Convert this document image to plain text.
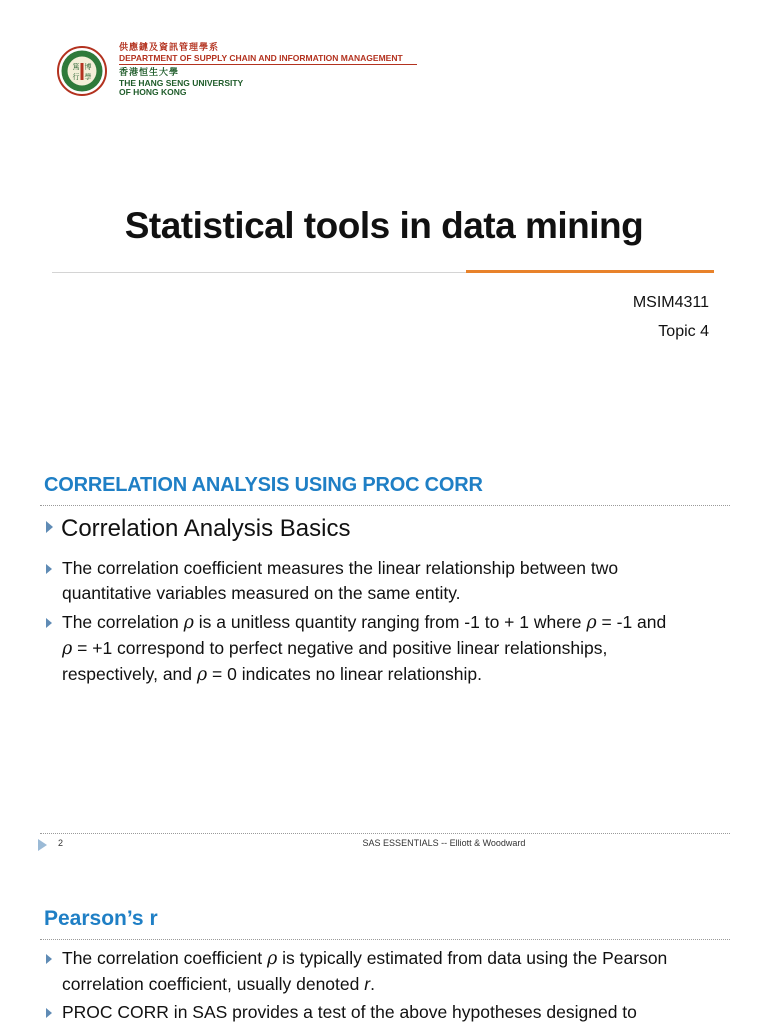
篤 博
行 學
供應鏈及資訊管理學系
DEPARTMENT OF SUPPLY CHAIN AND INFORMATION MANAGEMENT
香港恒生大學
THE HANG SENG UNIVERSITY
OF HONG KONG
Statistical tools in data mining
MSIM4311
Topic 4
CORRELATION ANALYSIS USING PROC CORR
Correlation Analysis Basics
The correlation coefficient measures the linear relationship between two
quantitative variables measured on the same entity.
The correlation ρ is a unitless quantity ranging from -1 to + 1 where ρ = -1 and
ρ = +1 correspond to perfect negative and positive linear relationships,
respectively, and ρ = 0 indicates no linear relationship.
2	SAS ESSENTIALS -- Elliott & Woodward
Pearson’s r
The correlation coefficient ρ is typically estimated from data using the Pearson
correlation coefficient, usually denoted r.
PROC CORR in SAS provides a test of the above hypotheses designed to
